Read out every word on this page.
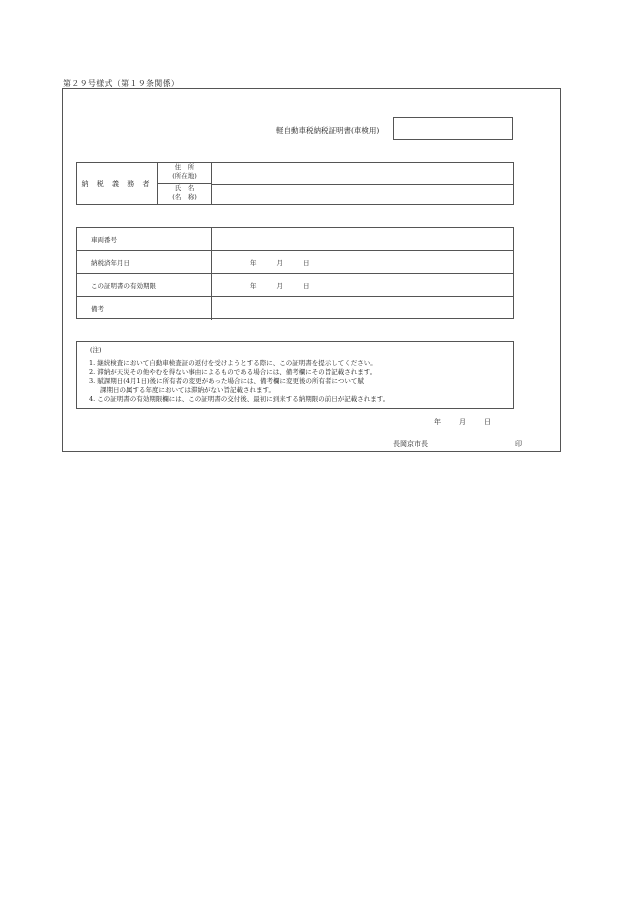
第２９号様式（第１９条関係）
軽自動車税納税証明書(車検用)
納 税 義 務 者
住　所
(所在地)
氏　名
(名　称)
車両番号
納税済年月日	年	月	日
この証明書の有効期限	年	月	日
備考
(注)
1. 継続検査において自動車検査証の返付を受けようとする際に、この証明書を提示してください。
2. 滞納が天災その他やむを得ない事由によるものである場合には、備考欄にその旨記載されます。
3. 賦課期日(4月1日)後に所有者の変更があった場合には、備考欄に変更後の所有者について賦
課期日の属する年度においては滞納がない旨記載されます。
4. この証明書の有効期限欄には、この証明書の交付後、最初に到来する納期限の前日が記載されます。
年	月	日
長岡京市長	印
